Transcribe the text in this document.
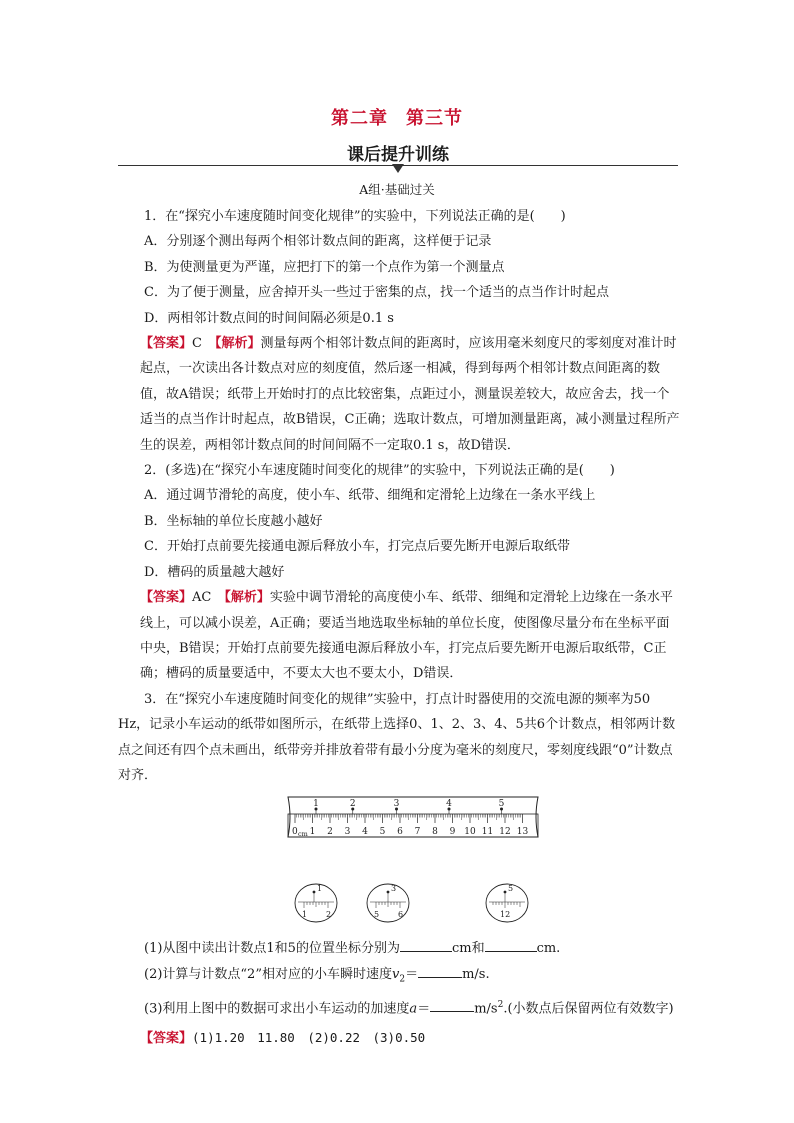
第二章 第三节
课后提升训练
A组·基础过关

1．在“探究小车速度随时间变化规律”的实验中，下列说法正确的是(　　)

A．分别逐个测出每两个相邻计数点间的距离，这样便于记录

B．为使测量更为严谨，应把打下的第一个点作为第一个测量点

C．为了便于测量，应舍掉开头一些过于密集的点，找一个适当的点当作计时起点

D．两相邻计数点间的时间间隔必须是0.1 s

【答案】C　 【解析】测量每两个相邻计数点间的距离时，应该用毫米刻度尺的零刻度对准计时起点，一次读出各计数点对应的刻度值，然后逐一相减，得到每两个相邻计数点间距离的数值，故A错误；纸带上开始时打的点比较密集，点距过小，测量误差较大，故应舍去，找一个适当的点当作计时起点，故B错误，C正确；选取计数点，可增加测量距离，减小测量过程所产生的误差，两相邻计数点间的时间间隔不一定取0.1 s，故D错误．

2．(多选)在“探究小车速度随时间变化的规律”的实验中，下列说法正确的是(　　)

A．通过调节滑轮的高度，使小车、纸带、细绳和定滑轮上边缘在一条水平线上

B．坐标轴的单位长度越小越好

C．开始打点前要先接通电源后释放小车，打完点后要先断开电源后取纸带

D．槽码的质量越大越好

【答案】AC　 【解析】实验中调节滑轮的高度使小车、纸带、细绳和定滑轮上边缘在一条水平线上，可以减小误差，A正确；要适当地选取坐标轴的单位长度，使图像尽量分布在坐标平面中央，B错误；开始打点前要先接通电源后释放小车，打完点后要先断开电源后取纸带，C正确；槽码的质量要适中，不要太大也不要太小，D错误．

3．在“探究小车速度随时间变化的规律”实验中，打点计时器使用的交流电源的频率为50 Hz，记录小车运动的纸带如图所示，在纸带上选择0、1、2、3、4、5共6个计数点，相邻两计数点之间还有四个点未画出，纸带旁并排放着带有最小分度为毫米的刻度尺，零刻度线跟“0”计数点对齐．

1	2	3	4	5
1 2 3 4 5 6 7 8 9 10 11 12 13
0 cm
1
1 2
3
5 6
5
12

(1)从图中读出计数点1和5的位置坐标分别为	cm和	cm.

(2)计算与计数点“2”相对应的小车瞬时速度$v_2=$	m/s.

(3)利用上图中的数据可求出小车运动的加速度a＝	$m/s^2$.(小数点后保留两位有效数字)

【答案】(1)1.20　11.80　(2)0.22　(3)0.50
